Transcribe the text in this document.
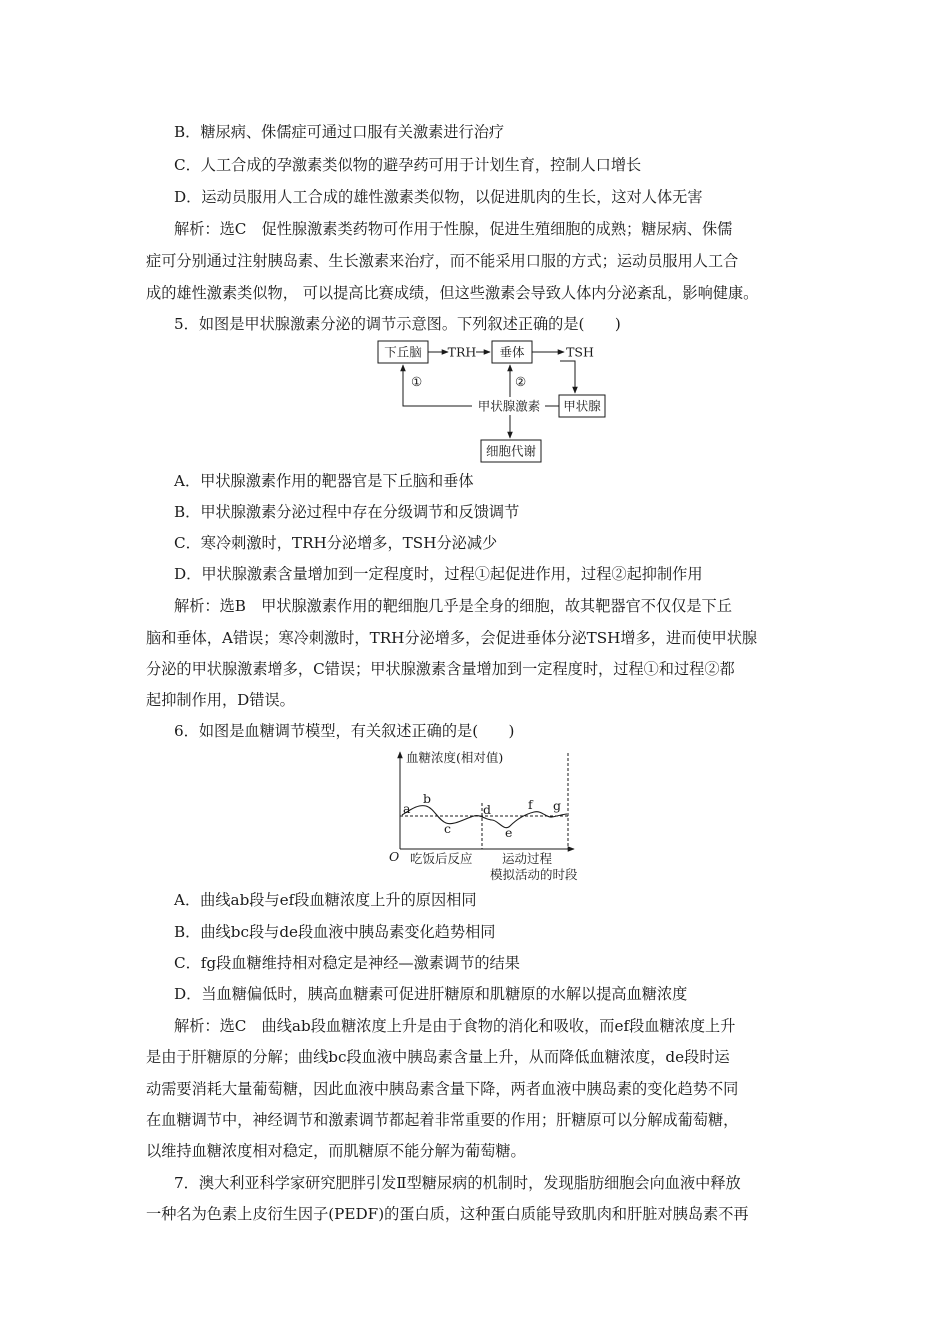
B．糖尿病、侏儒症可通过口服有关激素进行治疗
C．人工合成的孕激素类似物的避孕药可用于计划生育，控制人口增长
D．运动员服用人工合成的雄性激素类似物，以促进肌肉的生长，这对人体无害
解析：选C　促性腺激素类药物可作用于性腺，促进生殖细胞的成熟；糖尿病、侏儒
症可分别通过注射胰岛素、生长激素来治疗，而不能采用口服的方式；运动员服用人工合
成的雄性激素类似物， 可以提高比赛成绩，但这些激素会导致人体内分泌紊乱，影响健康。
5．如图是甲状腺激素分泌的调节示意图。下列叙述正确的是(　　)
下丘脑 TRH 垂体	TSH
甲状腺
甲状腺激素
细胞代谢
①	②
A．甲状腺激素作用的靶器官是下丘脑和垂体
B．甲状腺激素分泌过程中存在分级调节和反馈调节
C．寒冷刺激时，TRH分泌增多，TSH分泌减少
D．甲状腺激素含量增加到一定程度时，过程①起促进作用，过程②起抑制作用
解析：选B　甲状腺激素作用的靶细胞几乎是全身的细胞，故其靶器官不仅仅是下丘
脑和垂体，A错误；寒冷刺激时，TRH分泌增多，会促进垂体分泌TSH增多，进而使甲状腺
分泌的甲状腺激素增多，C错误；甲状腺激素含量增加到一定程度时，过程①和过程②都
起抑制作用，D错误。
6．如图是血糖调节模型，有关叙述正确的是(　　)
血糖浓度(相对值)
O
a
b
c
d
e
f g
吃饭后反应 运动过程
模拟活动的时段
A．曲线ab段与ef段血糖浓度上升的原因相同
B．曲线bc段与de段血液中胰岛素变化趋势相同
C．fg段血糖维持相对稳定是神经—激素调节的结果
D．当血糖偏低时，胰高血糖素可促进肝糖原和肌糖原的水解以提高血糖浓度
解析：选C　曲线ab段血糖浓度上升是由于食物的消化和吸收，而ef段血糖浓度上升
是由于肝糖原的分解；曲线bc段血液中胰岛素含量上升，从而降低血糖浓度，de段时运
动需要消耗大量葡萄糖，因此血液中胰岛素含量下降，两者血液中胰岛素的变化趋势不同
在血糖调节中，神经调节和激素调节都起着非常重要的作用；肝糖原可以分解成葡萄糖，
以维持血糖浓度相对稳定，而肌糖原不能分解为葡萄糖。
7．澳大利亚科学家研究肥胖引发Ⅱ型糖尿病的机制时，发现脂肪细胞会向血液中释放
一种名为色素上皮衍生因子(PEDF)的蛋白质，这种蛋白质能导致肌肉和肝脏对胰岛素不再
